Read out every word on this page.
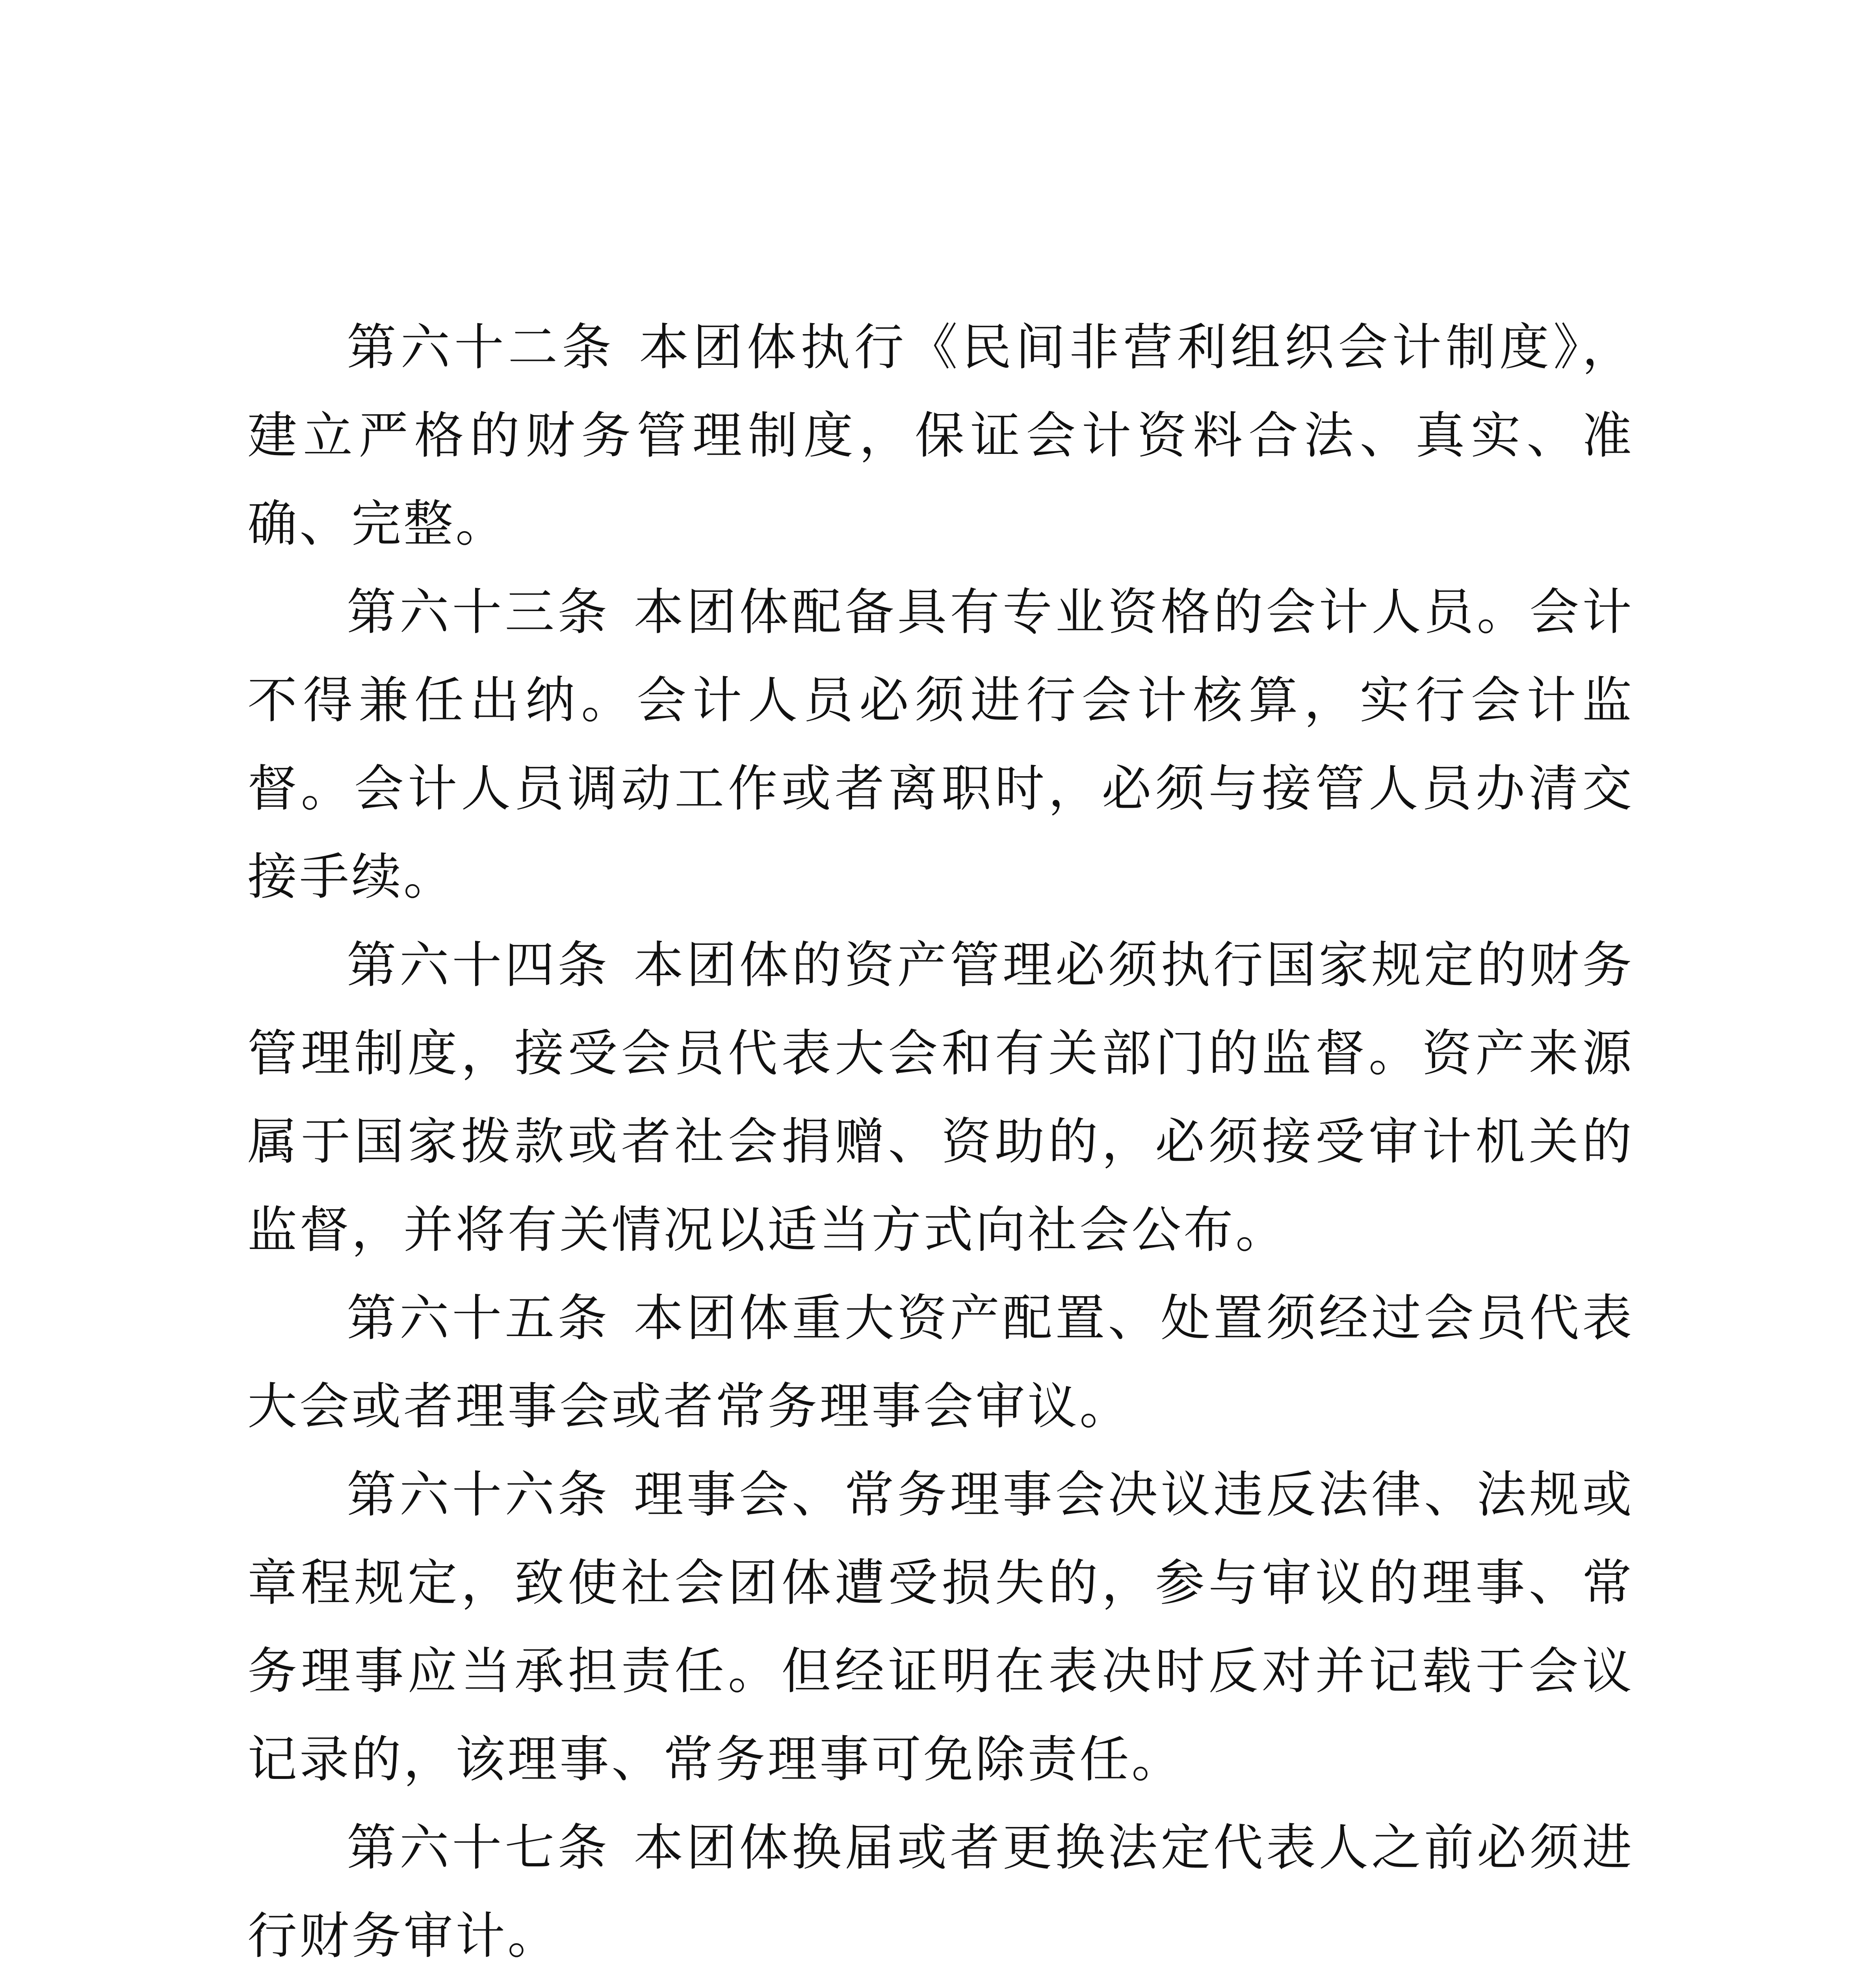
第六十二条 本团体执行《民间非营利组织会计制度》，建立严格的财务管理制度，保证会计资料合法、真实、准确、完整。

第六十三条 本团体配备具有专业资格的会计人员。会计不得兼任出纳。会计人员必须进行会计核算，实行会计监督。会计人员调动工作或者离职时，必须与接管人员办清交接手续。

第六十四条 本团体的资产管理必须执行国家规定的财务管理制度，接受会员代表大会和有关部门的监督。资产来源属于国家拨款或者社会捐赠、资助的，必须接受审计机关的监督，并将有关情况以适当方式向社会公布。

第六十五条 本团体重大资产配置、处置须经过会员代表大会或者理事会或者常务理事会审议。

第六十六条 理事会、常务理事会决议违反法律、法规或章程规定，致使社会团体遭受损失的，参与审议的理事、常务理事应当承担责任。但经证明在表决时反对并记载于会议记录的，该理事、常务理事可免除责任。

第六十七条 本团体换届或者更换法定代表人之前必须进行财务审计。
